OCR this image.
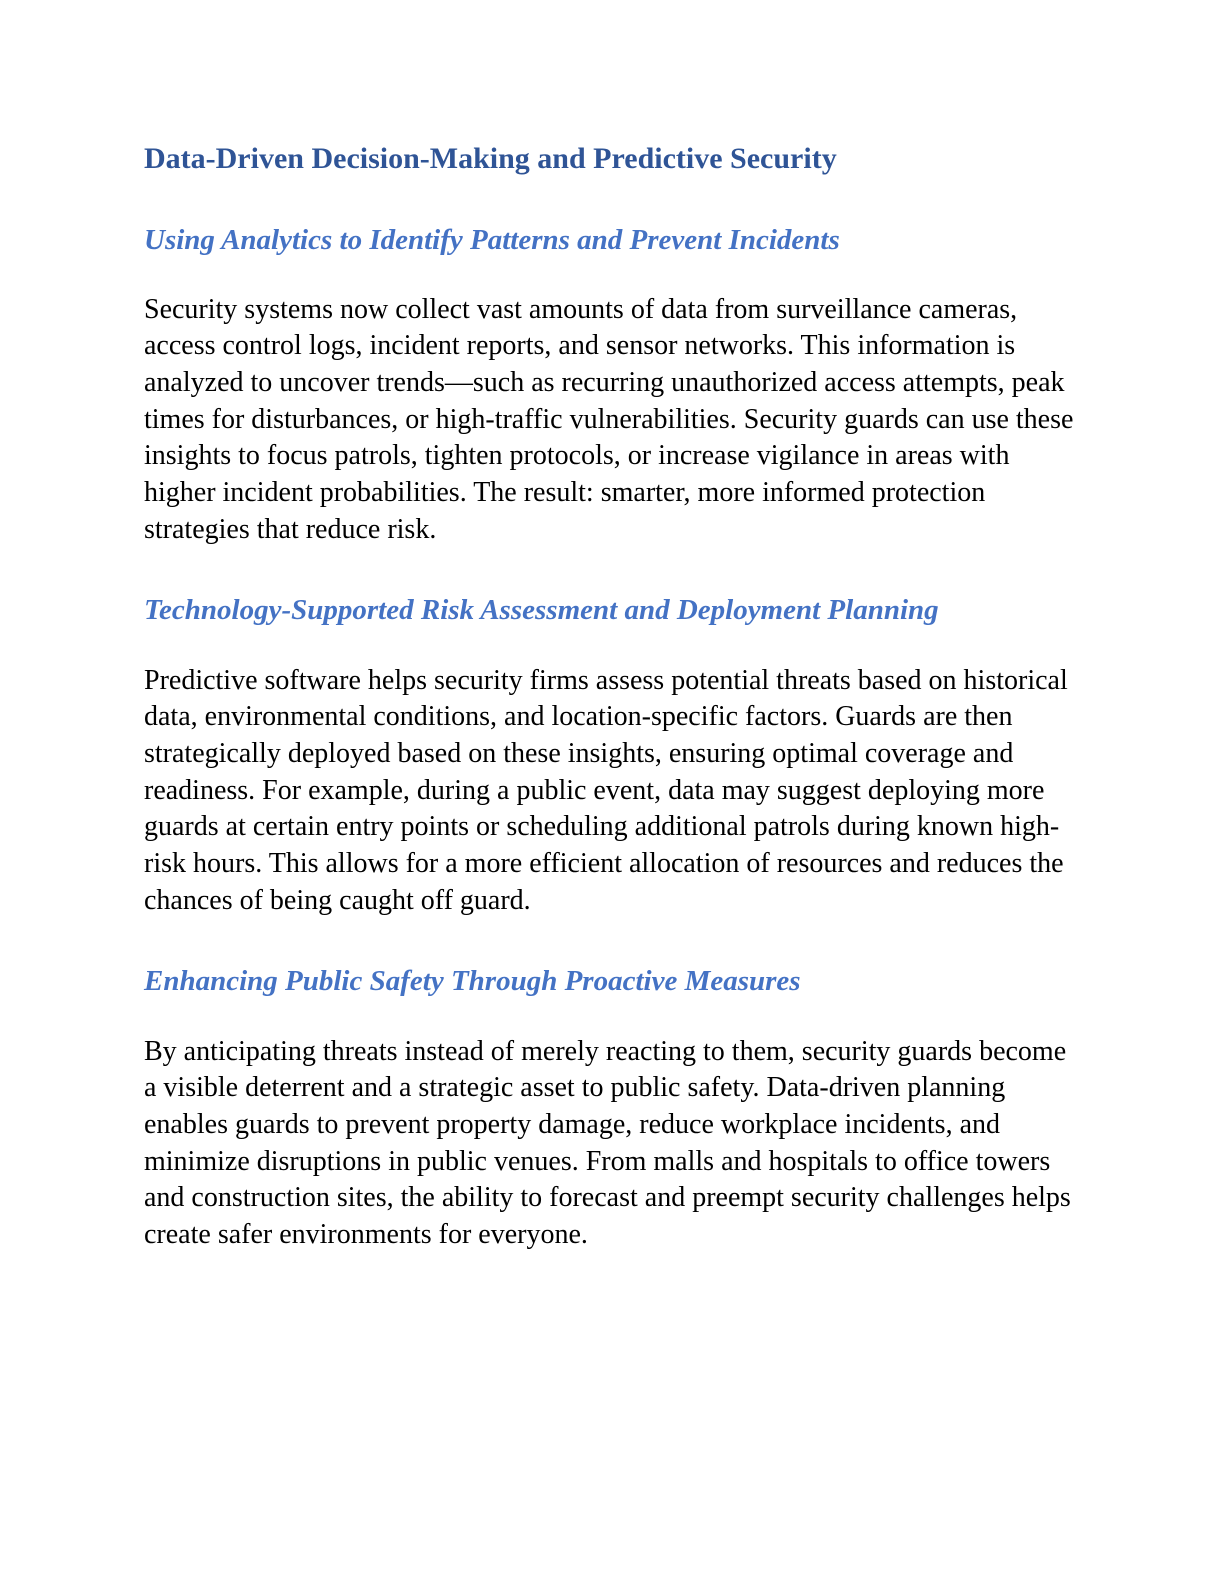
Data-Driven Decision-Making and Predictive Security
Using Analytics to Identify Patterns and Prevent Incidents

Security systems now collect vast amounts of data from surveillance cameras, access control logs, incident reports, and sensor networks. This information is analyzed to uncover trends—such as recurring unauthorized access attempts, peak times for disturbances, or high-traffic vulnerabilities. Security guards can use these insights to focus patrols, tighten protocols, or increase vigilance in areas with higher incident probabilities. The result: smarter, more informed protection strategies that reduce risk.

Technology-Supported Risk Assessment and Deployment Planning

Predictive software helps security firms assess potential threats based on historical data, environmental conditions, and location-specific factors. Guards are then strategically deployed based on these insights, ensuring optimal coverage and readiness. For example, during a public event, data may suggest deploying more guards at certain entry points or scheduling additional patrols during known high-risk hours. This allows for a more efficient allocation of resources and reduces the chances of being caught off guard.

Enhancing Public Safety Through Proactive Measures

By anticipating threats instead of merely reacting to them, security guards become a visible deterrent and a strategic asset to public safety. Data-driven planning enables guards to prevent property damage, reduce workplace incidents, and minimize disruptions in public venues. From malls and hospitals to office towers and construction sites, the ability to forecast and preempt security challenges helps create safer environments for everyone.
